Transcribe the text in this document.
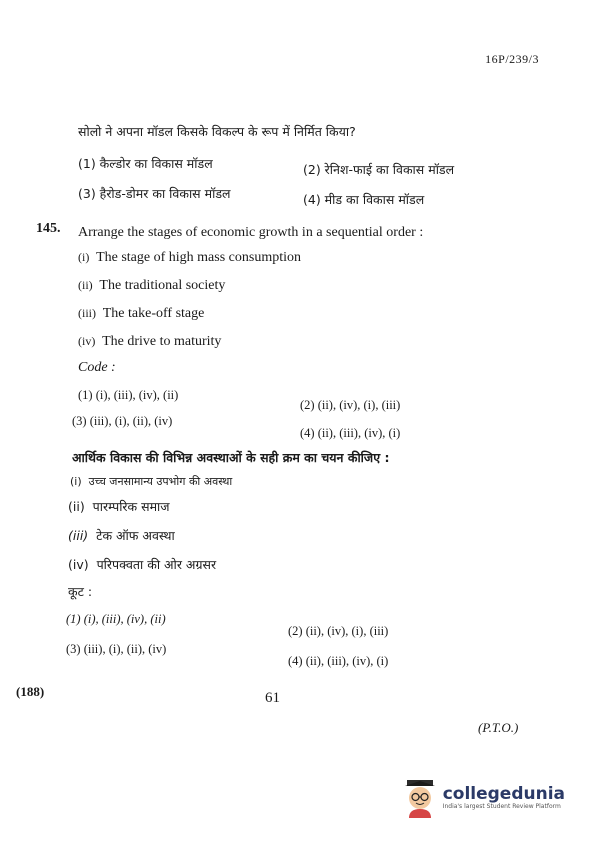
16P/239/3
सोलो ने अपना मॉडल किसके विकल्प के रूप में निर्मित किया?
(1) कैल्डोर का विकास मॉडल	(2) रेनिश-फाई का विकास मॉडल
(3) हैरोड-डोमर का विकास मॉडल	(4) मीड का विकास मॉडल
145. Arrange the stages of economic growth in a sequential order :
(i) The stage of high mass consumption
(ii) The traditional society
(iii) The take-off stage
(iv) The drive to maturity
Code :
(1) (i), (iii), (iv), (ii)
(2) (ii), (iv), (i), (iii)
(3) (iii), (i), (ii), (iv)
(4) (ii), (iii), (iv), (i)
आर्थिक विकास की विभिन्न अवस्थाओं के सही क्रम का चयन कीजिए :
(i) उच्च जनसामान्य उपभोग की अवस्था
(ii) पारम्परिक समाज
(iii) टेक ऑफ अवस्था
(iv) परिपक्वता की ओर अग्रसर
कूट :
(1) (i), (iii), (iv), (ii)
(2) (ii), (iv), (i), (iii)
(3) (iii), (i), (ii), (iv)
(4) (ii), (iii), (iv), (i)
(188)	61
(P.T.O.)
collegedunia
India's largest Student Review Platform
